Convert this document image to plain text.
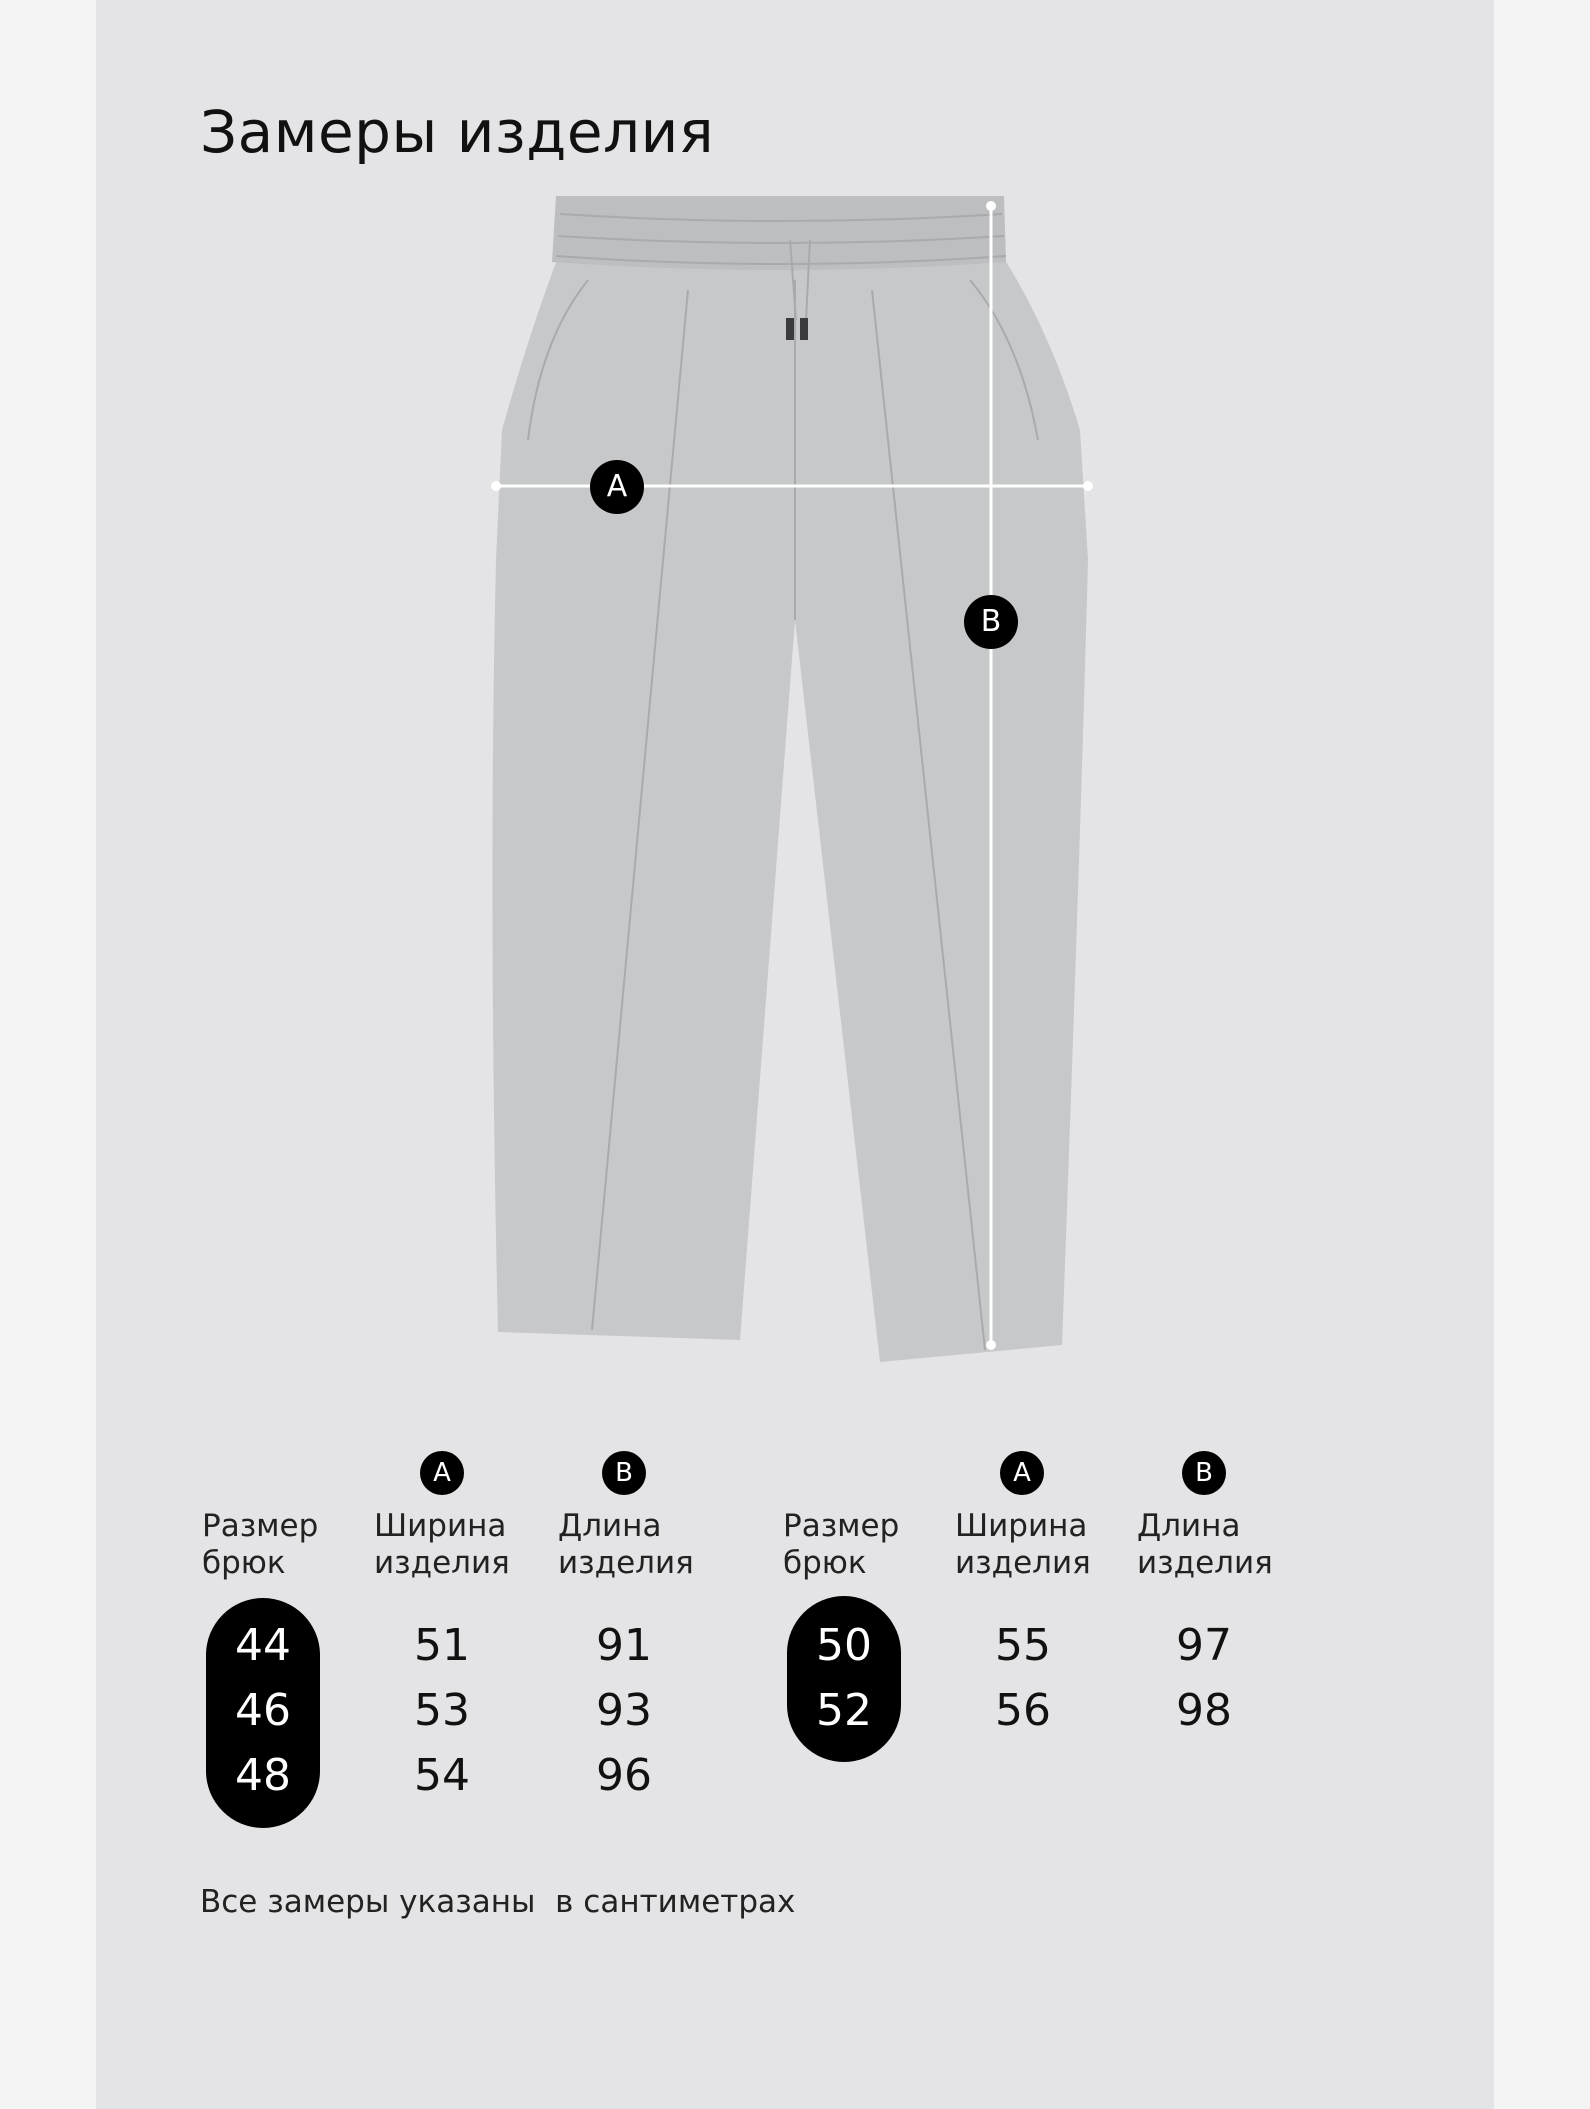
Замеры изделия
A
B
A	B
Размер
брюк
Ширина
изделия
Длина
изделия
44
46
48
51
53
54
91
93
96
A	B
Размер
брюк
Ширина
изделия
Длина
изделия
50
52
55
56
97
98
Все замеры указаны  в сантиметрах
